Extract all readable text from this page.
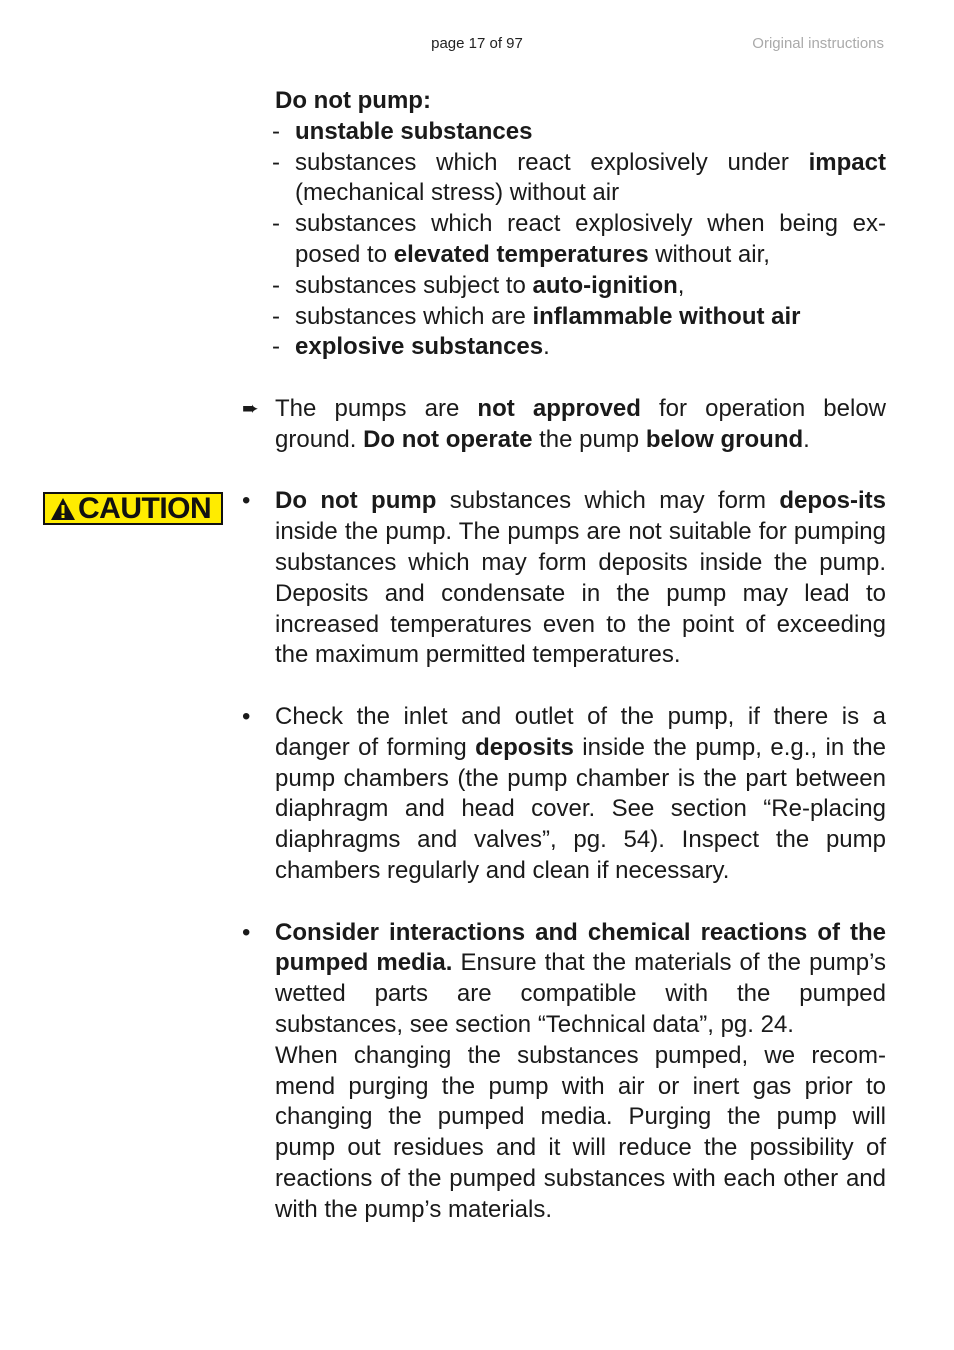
page 17 of 97	Original instructions
CAUTION
Do not pump:
- unstable substances
- substances which react explosively under impact (mechanical stress) without air
- substances which react explosively when being ex-posed to elevated temperatures without air,
- substances subject to auto-ignition,
- substances which are inflammable without air
- explosive substances.
➨ The pumps are not approved for operation below ground. Do not operate the pump below ground.
• Do not pump substances which may form depos-its inside the pump. The pumps are not suitable for pumping substances which may form deposits inside the pump. Deposits and condensate in the pump may lead to increased temperatures even to the point of exceeding the maximum permitted temperatures.
• Check the inlet and outlet of the pump, if there is a danger of forming deposits inside the pump, e.g., in the pump chambers (the pump chamber is the part between diaphragm and head cover. See section “Re-placing diaphragms and valves”, pg. 54). Inspect the pump chambers regularly and clean if necessary.
• Consider interactions and chemical reactions of the pumped media. Ensure that the materials of the pump’s wetted parts are compatible with the pumped substances, see section “Technical data”, pg. 24.
When changing the substances pumped, we recom-mend purging the pump with air or inert gas prior to changing the pumped media. Purging the pump will pump out residues and it will reduce the possibility of reactions of the pumped substances with each other and with the pump’s materials.
